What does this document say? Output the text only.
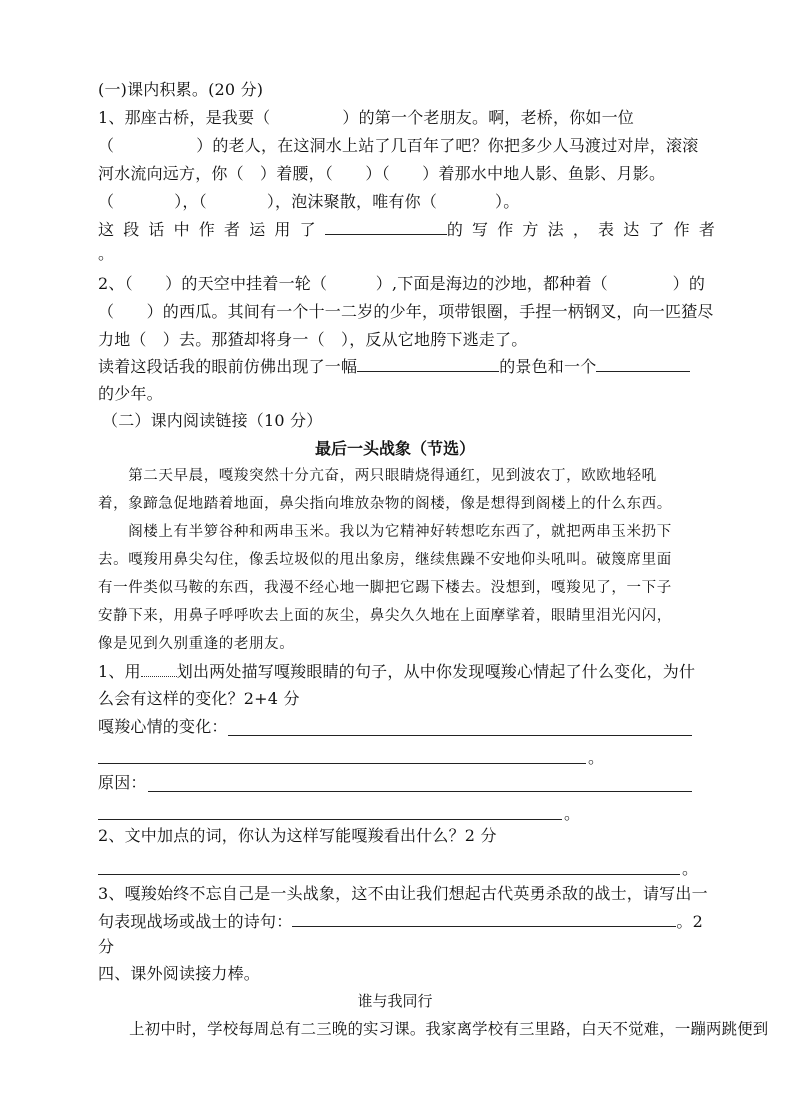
(一)课内积累。(20 分)
1、那座古桥，是我要（	）的第一个老朋友。啊，老桥，你如一位
（	）的老人，在这洞水上站了几百年了吧？你把多少人马渡过对岸，滚滚
河水流向远方，你（　）着腰，（　　）（　　）着那水中地人影、鱼影、月影。
（	），（	），泡沫聚散，唯有你（	）。
这段话中作者运用了	的写作方法，表达了作者
。
2、（　　）的天空中挂着一轮（　　　）,下面是海边的沙地，都种着（　　　　）的
（　　）的西瓜。其间有一个十一二岁的少年，项带银圈，手捏一柄钢叉，向一匹猹尽
力地（　）去。那猹却将身一（　），反从它地胯下逃走了。
读着这段话我的眼前仿佛出现了一幅	的景色和一个
的少年。
（二）课内阅读链接（10 分）
最后一头战象（节选）
　　第二天早晨，嘎羧突然十分亢奋，两只眼睛烧得通红，见到波农丁，欧欧地轻吼
着，象蹄急促地踏着地面，鼻尖指向堆放杂物的阁楼，像是想得到阁楼上的什么东西。
　　阁楼上有半箩谷种和两串玉米。我以为它精神好转想吃东西了，就把两串玉米扔下
去。嘎羧用鼻尖勾住，像丢垃圾似的甩出象房，继续焦躁不安地仰头吼叫。破篾席里面
有一件类似马鞍的东西，我漫不经心地一脚把它踢下楼去。没想到，嘎羧见了，一下子
安静下来，用鼻子呼呼吹去上面的灰尘，鼻尖久久地在上面摩挲着，眼睛里泪光闪闪，
像是见到久别重逢的老朋友。
1、用 划出两处描写嘎羧眼睛的句子，从中你发现嘎羧心情起了什么变化，为什
么会有这样的变化？2+4 分
嘎羧心情的变化：
。
原因：
。
2、文中加点的词，你认为这样写能嘎羧看出什么？2 分
。
3、嘎羧始终不忘自己是一头战象，这不由让我们想起古代英勇杀敌的战士，请写出一
句表现战场或战士的诗句：	。2
分
四、课外阅读接力棒。
谁与我同行
　　上初中时，学校每周总有二三晚的实习课。我家离学校有三里路，白天不觉难，一蹦两跳便到
